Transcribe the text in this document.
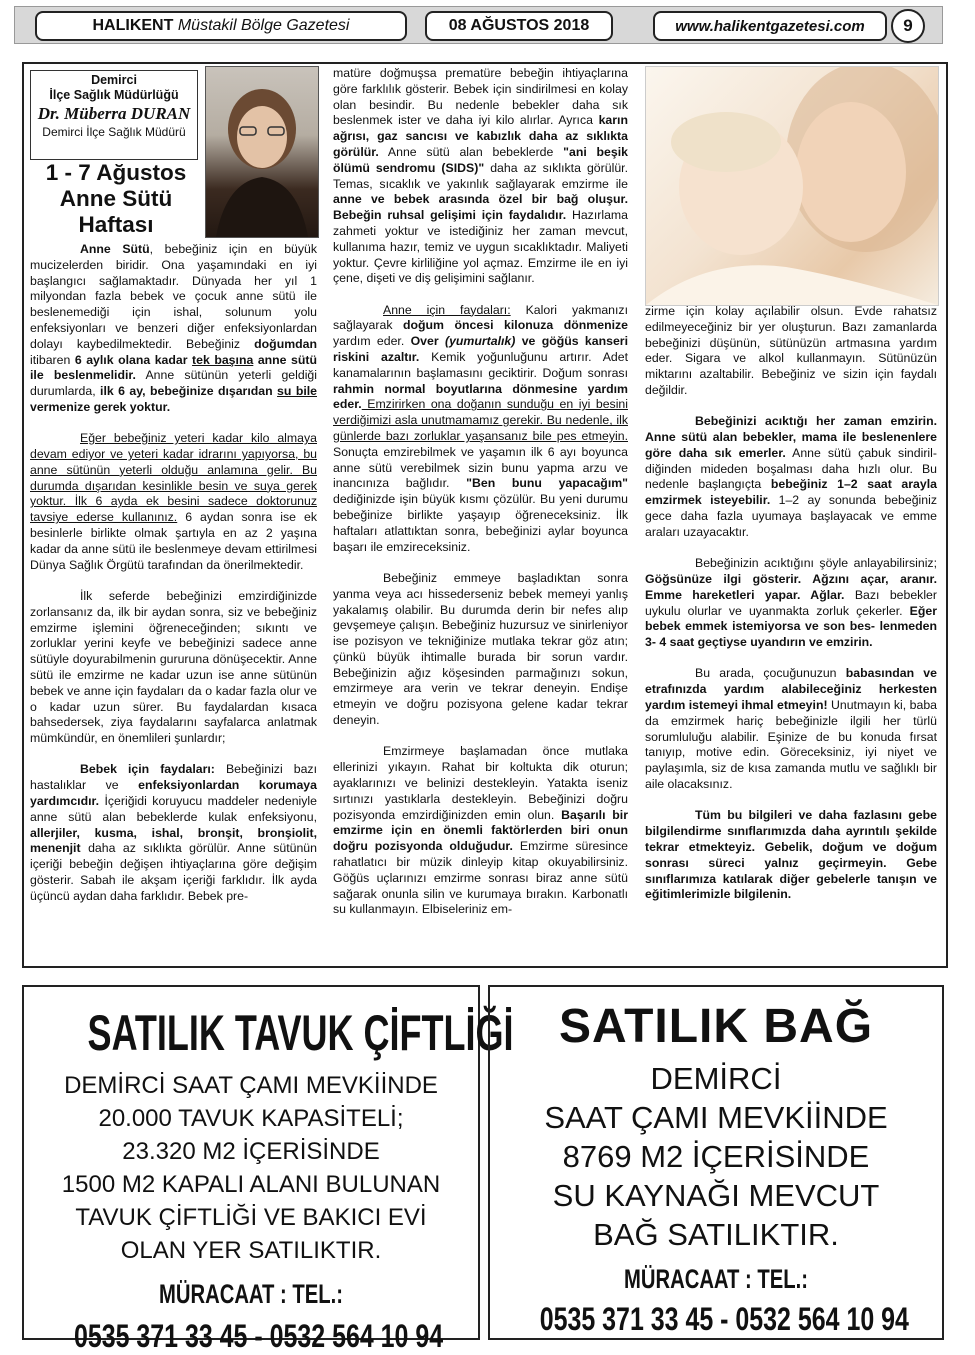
HALIKENT
Müstakil Bölge Gazetesi	08 AĞUSTOS 2018	www.halikentgazetesi.com	9
Demirci
İlçe Sağlık Müdürlüğü
Dr. Müberra DURAN
Demirci İlçe Sağlık Müdürü
1 - 7 Ağustos Anne Sütü Haftası

Anne Sütü, bebeğiniz için en büyük mucizelerden biridir. Ona yaşamındaki en iyi başlangıcı sağlamaktadır. Dünyada her yıl 1 milyondan fazla bebek ve çocuk anne sütü ile beslenemediği için ishal, solunum yolu enfeksiyonları ve benzeri diğer enfeksiyonlardan dolayı kaybedilmektedir. Bebeğiniz doğumdan itibaren 6 aylık olana kadar tek başına anne sütü ile beslenmelidir. Anne sütünün yeterli geldiği durumlarda, ilk 6 ay, bebeğinize dışarıdan su bile vermenize gerek yoktur.

Eğer bebeğiniz yeteri kadar kilo almaya devam ediyor ve yeteri kadar idrarını yapıyorsa, bu anne sütünün yeterli olduğu anlamına gelir. Bu durumda dışarıdan kesinlikle besin ve suya gerek yoktur. İlk 6 ayda ek besini sadece doktorunuz tavsiye ederse kullanınız. 6 aydan sonra ise ek besinlerle birlikte olmak şartıyla en az 2 yaşına kadar da anne sütü ile beslenmeye devam ettirilmesi Dünya Sağlık Örgütü tarafından da önerilmektedir.

İlk seferde bebeğinizi emzirdiğinizde zorlansanız da, ilk bir aydan sonra, siz ve bebeğiniz emzirme işlemini öğreneceğinden; sıkıntı ve zorluklar yerini keyfe ve bebeğinizi sadece anne sütüyle doyurabilmenin gururuna dönüşecektir. Anne sütü ile emzirme ne kadar uzun ise anne sütünün bebek ve anne için faydaları da o kadar fazla olur ve o kadar uzun sürer. Bu faydalardan kısaca bahsedersek, ziya faydalarını sayfalarca anlatmak mümkündür, en önemlileri şunlardır;

Bebek için faydaları: Bebeğinizi bazı hastalıklar ve enfeksiyonlardan korumaya yardımcıdır. İçeriğidi koruyucu maddeler nedeniyle anne sütü alan bebeklerde kulak enfeksiyonu, allerjiler, kusma, ishal, bronşit, bronşiolit, menenjit daha az sıklıkta görülür. Anne sütünün içeriği bebeğin değişen ihtiyaçlarına göre değişim gösterir. Sabah ile akşam içeriği farklıdır. İlk ayda üçüncü aydan daha farklıdır. Bebek pre-

matüre doğmuşsa prematüre bebeğin ihtiyaçlarına göre farklılık gösterir. Bebek için sindirilmesi en kolay olan besindir. Bu nedenle bebekler daha sık beslenmek ister ve daha iyi kilo alırlar. Ayrıca karın ağrısı, gaz sancısı ve kabızlık daha az sıklıkta görülür. Anne sütü alan bebeklerde "ani beşik ölümü sendromu (SIDS)" daha az sıklıkta görülür. Temas, sıcaklık ve yakınlık sağlayarak emzirme ile anne ve bebek arasında özel bir bağ oluşur. Bebeğin ruhsal gelişimi için faydalıdır. Hazırlama zahmeti yoktur ve istediğiniz her zaman mevcut, kullanıma hazır, temiz ve uygun sıcaklıktadır. Maliyeti yoktur. Çevre kirliliğine yol açmaz. Emzirme ile en iyi çene, dişeti ve diş gelişimini sağlanır.

Anne için faydaları: Kalori yakmanızı sağlayarak doğum öncesi kilonuza dönmenize yardım eder. Over (yumurtalık) ve göğüs kanseri riskini azaltır. Kemik yoğunluğunu artırır. Adet kanamalarının başlamasını geciktirir. Doğum sonrası rahmin normal boyutlarına dönmesine yardım eder. Emzirirken ona doğanın sunduğu en iyi besini verdiğimizi asla unutmamamız gerekir. Bu nedenle, ilk günlerde bazı zorluklar yaşansanız bile pes etmeyin. Sonuçta emzirebilmek ve yaşamın ilk 6 ayı boyunca anne sütü verebilmek sizin bunu yapma arzu ve inancınıza bağlıdır. "Ben bunu yapacağım" dediğinizde işin büyük kısmı çözülür. Bu yeni durumu bebeğinize birlikte yaşayıp öğreneceksiniz. İlk haftaları atlattıktan sonra, bebeğinizi aylar boyunca başarı ile emzireceksiniz.

Bebeğiniz emmeye başladıktan sonra yanma veya acı hissederseniz bebek memeyi yanlış yakalamış olabilir. Bu durumda derin bir nefes alıp gevşemeye çalışın. Bebeğiniz huzursuz ve sinirleniyor ise pozisyon ve tekniğinize mutlaka tekrar göz atın; çünkü büyük ihtimalle burada bir sorun vardır. Bebeğinizin ağız köşesinden parmağınızı sokun, emzirmeye ara verin ve tekrar deneyin. Endişe etmeyin ve doğru pozisyona gelene kadar tekrar deneyin.

Emzirmeye başlamadan önce mutlaka ellerinizi yıkayın. Rahat bir koltukta dik oturun; ayaklarınızı ve belinizi destekleyin. Yatakta iseniz sırtınızı yastıklarla destekleyin. Bebeğinizi doğru pozisyonda emzirdiğinizden emin olun. Başarılı bir emzirme için en önemli faktörlerden biri onun doğru pozisyonda olduğudur. Emzirme süresince rahatlatıcı bir müzik dinleyip kitap okuyabilirsiniz. Göğüs uçlarınızı emzirme sonrası biraz anne sütü sağarak onunla silin ve kurumaya bırakın. Karbonatlı su kullanmayın. Elbiseleriniz em-

zirme için kolay açılabilir olsun. Evde rahatsız edilmeyeceğiniz bir yer oluşturun. Bazı zamanlarda bebeğinizi düşünün, sütünüzün artmasına yardım eder. Sigara ve alkol kullanmayın. Sütünüzün miktarını azaltabilir. Bebeğiniz ve sizin için faydalı değildir.

Bebeğinizi acıktığı her zaman emzirin. Anne sütü alan bebekler, mama ile beslenenlere göre daha sık emerler. Anne sütü çabuk sindiril-diğinden mideden boşalması daha hızlı olur. Bu nedenle başlangıçta bebeğiniz 1–2 saat arayla emzirmek isteyebilir. 1–2 ay sonunda bebeğiniz gece daha fazla uyumaya başlayacak ve emme araları uzayacaktır.

Bebeğinizin acıktığını şöyle anlayabilirsiniz; Göğsünüze ilgi gösterir. Ağzını açar, aranır. Emme hareketleri yapar. Ağlar. Bazı bebekler uykulu olurlar ve uyanmakta zorluk çekerler. Eğer bebek emmek istemiyorsa ve son bes- lenmeden 3- 4 saat geçtiyse uyandırın ve emzirin.

Bu arada, çocuğunuzun babasından ve etrafınızda yardım alabileceğiniz herkesten yardım istemeyi ihmal etmeyin! Unutmayın ki, baba da emzirmek hariç bebeğinizle ilgili her türlü sorumluluğu alabilir. Eşinize de bu konuda fırsat tanıyıp, motive edin. Göreceksiniz, iyi niyet ve paylaşımla, siz de kısa zamanda mutlu ve sağlıklı bir aile olacaksınız.

Tüm bu bilgileri ve daha fazlasını gebe bilgilendirme sınıflarımızda daha ayrıntılı şekilde tekrar etmekteyiz. Gebelik, doğum ve doğum sonrası süreci yalnız geçirmeyin. Gebe sınıflarımıza katılarak diğer gebelerle tanışın ve eğitimlerimizle bilgilenin.

SATILIK TAVUK ÇİFTLİĞİ
DEMİRCİ SAAT ÇAMI MEVKİİNDE
20.000 TAVUK KAPASİTELİ;
23.320 M2 İÇERİSİNDE
1500 M2 KAPALI ALANI BULUNAN
TAVUK ÇİFTLİĞİ VE BAKICI EVİ
OLAN YER SATILIKTIR.
MÜRACAAT : TEL.:
0535 371 33 45 - 0532 564 10 94
SATILIK BAĞ
DEMİRCİ
SAAT ÇAMI MEVKİİNDE
8769 M2 İÇERİSİNDE
SU KAYNAĞI MEVCUT
BAĞ SATILIKTIR.
MÜRACAAT : TEL.:
0535 371 33 45 - 0532 564 10 94
